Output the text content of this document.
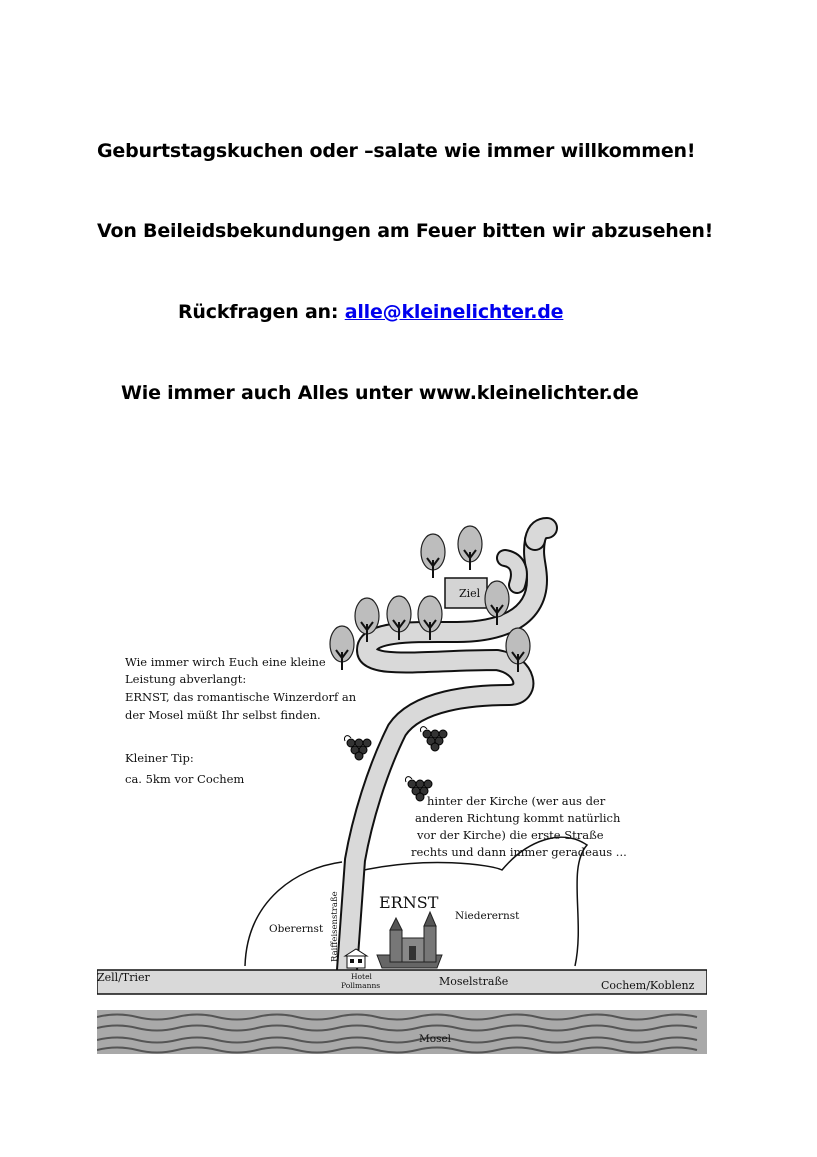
Geburtstagskuchen oder –salate wie immer willkommen!
Von Beileidsbekundungen am Feuer bitten wir abzusehen!
Rückfragen an: alle@kleinelichter.de
Wie immer auch Alles unter www.kleinelichter.de
Ziel
Wie immer wirch Euch eine kleine
Leistung abverlangt:
ERNST, das romantische Winzerdorf an
der Mosel müßt Ihr selbst finden.
Kleiner Tip:
ca. 5km vor Cochem
hinter der Kirche (wer aus der
anderen Richtung kommt natürlich
vor der Kirche) die erste Straße
rechts und dann immer geradeaus ...
ERNST
Oberernst
Niederernst
Raiffeisenstraße
Zell/Trier
Cochem/Koblenz
Moselstraße
Hotel
Pollmanns
Mosel
